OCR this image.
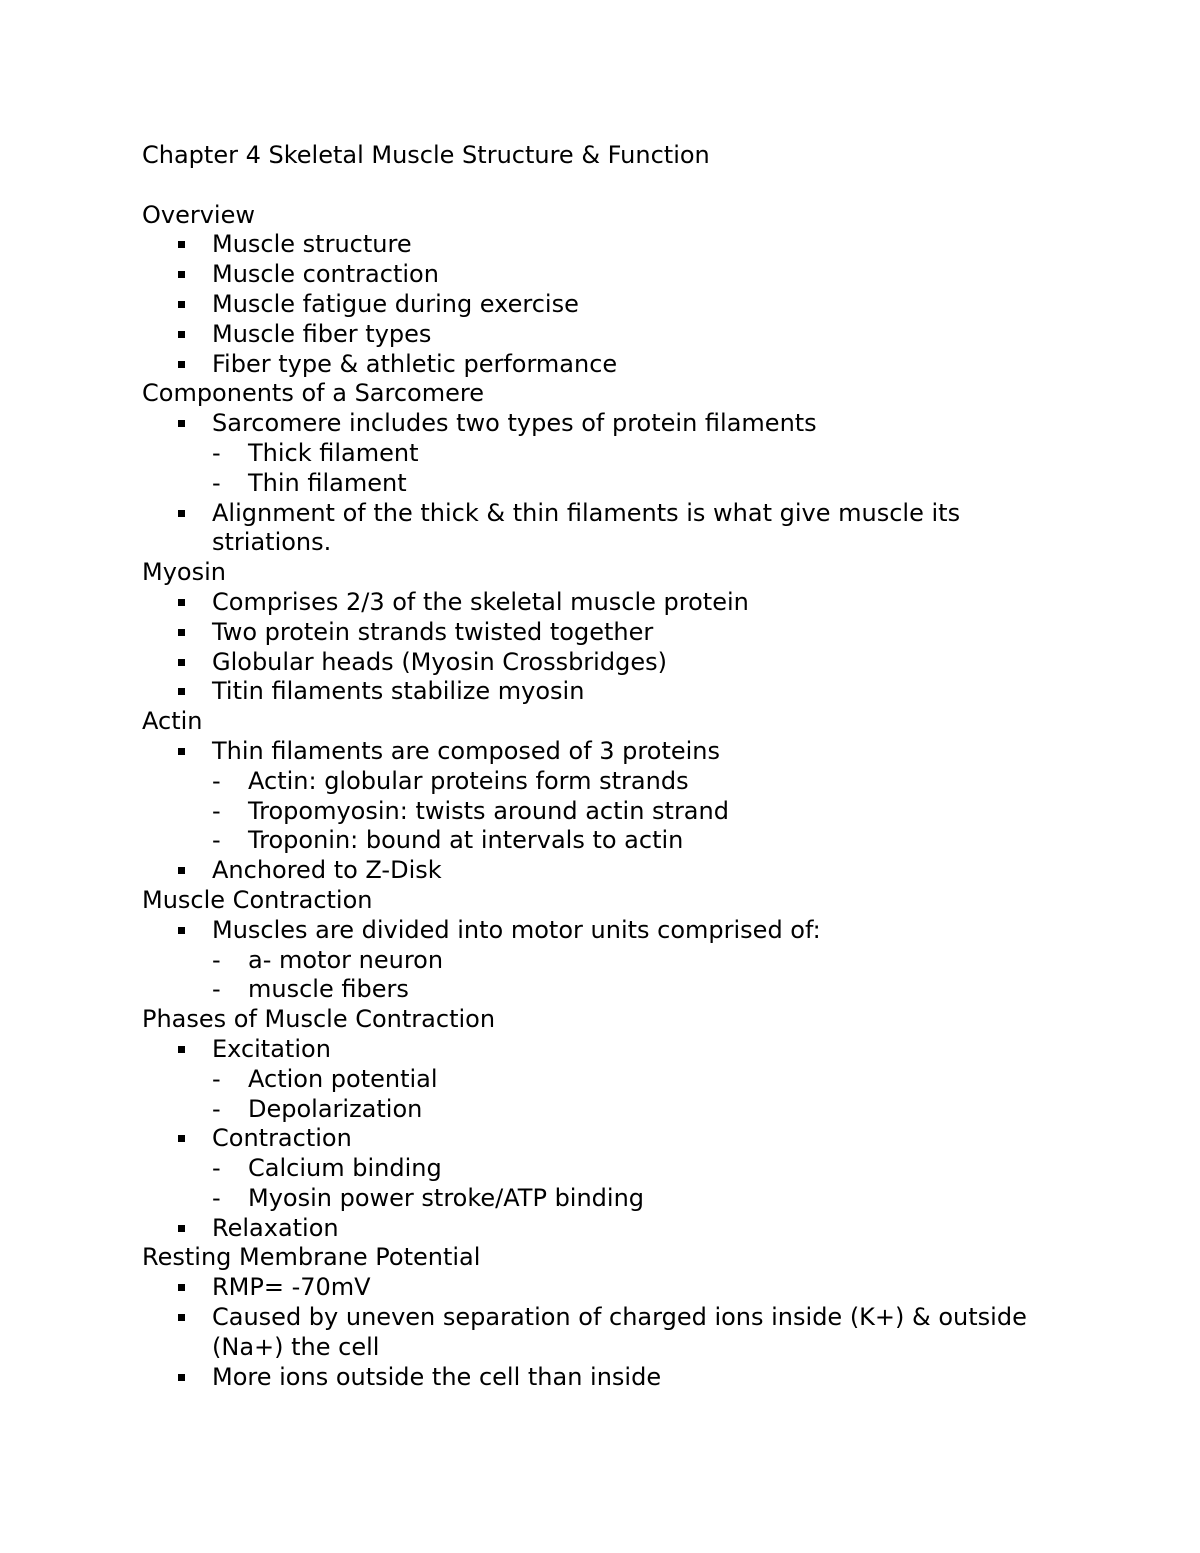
Chapter 4 Skeletal Muscle Structure & Function
Overview
Muscle structure
Muscle contraction
Muscle fatigue during exercise
Muscle fiber types
Fiber type & athletic performance
Components of a Sarcomere
Sarcomere includes two types of protein filaments
- Thick filament
- Thin filament
Alignment of the thick & thin filaments is what give muscle its striations.
Myosin
Comprises 2/3 of the skeletal muscle protein
Two protein strands twisted together
Globular heads (Myosin Crossbridges)
Titin filaments stabilize myosin
Actin
Thin filaments are composed of 3 proteins
- Actin: globular proteins form strands
- Tropomyosin: twists around actin strand
- Troponin: bound at intervals to actin
Anchored to Z-Disk
Muscle Contraction
Muscles are divided into motor units comprised of:
- a- motor neuron
- muscle fibers
Phases of Muscle Contraction
Excitation
- Action potential
- Depolarization
Contraction
- Calcium binding
- Myosin power stroke/ATP binding
Relaxation
Resting Membrane Potential
RMP= -70mV
Caused by uneven separation of charged ions inside (K+) & outside (Na+) the cell
More ions outside the cell than inside
